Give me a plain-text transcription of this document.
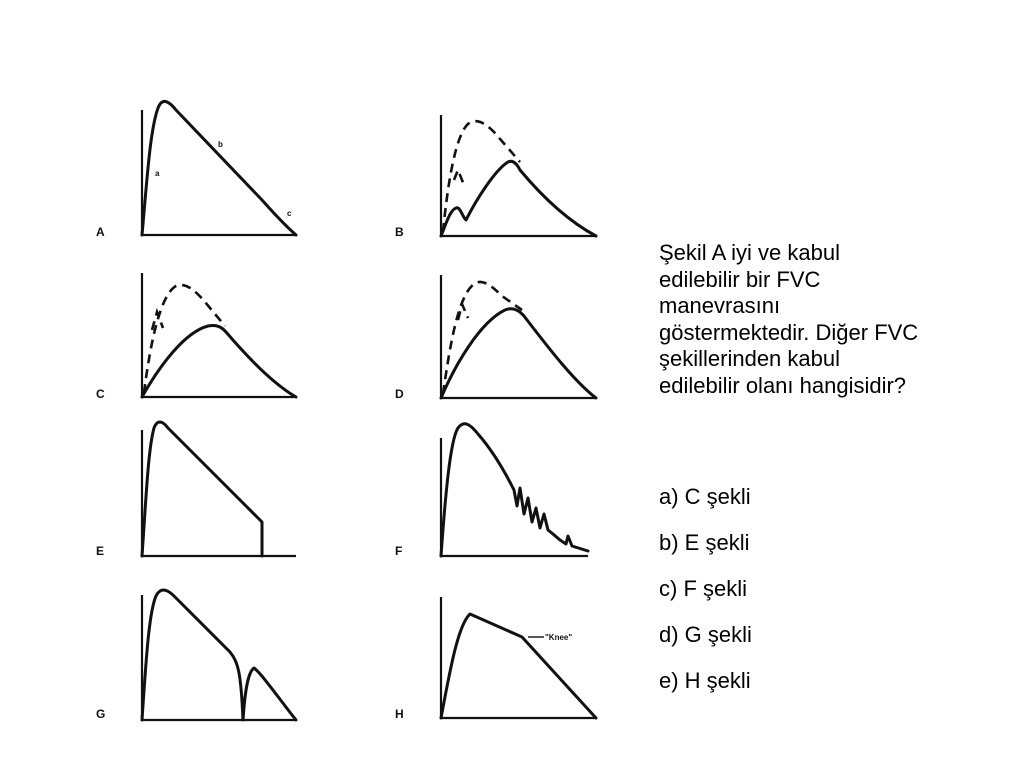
A
a
b
c
B
C	D
E	F
G
"Knee"
H
Şekil A iyi ve kabul
edilebilir bir FVC
manevrasını
göstermektedir. Diğer FVC
şekillerinden kabul
edilebilir olanı hangisidir?
a) C şekli
b) E şekli
c) F şekli
d) G şekli
e) H şekli
